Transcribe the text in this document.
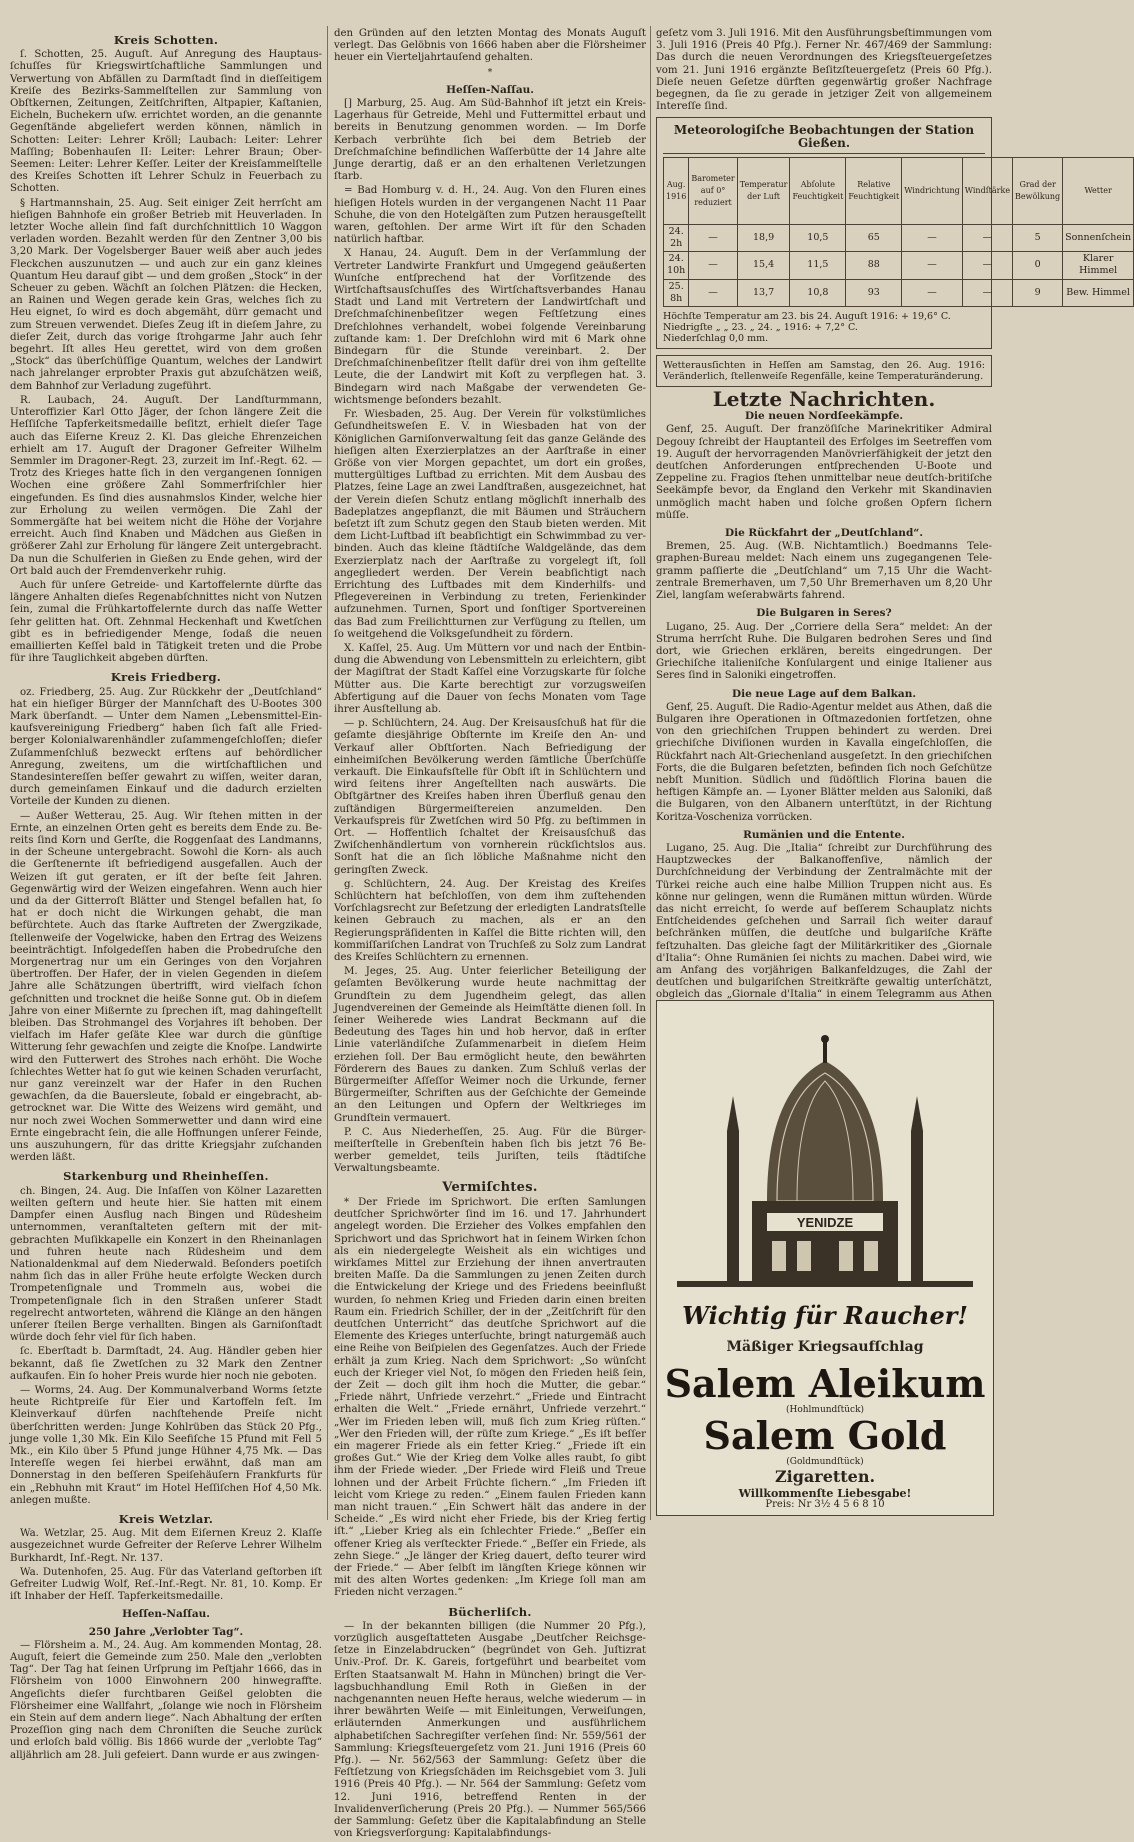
Kreis Schotten.

ſ. Schotten, 25. Auguſt. Auf Anregung des Hauptausſchuſſes für Kriegswirtſchaftliche Sammlungen und Verwertung von Abfällen zu Darmſtadt ſind in dieſſeitigem Kreiſe des Bezirks-Sammelſtellen zur Sammlung von Obſtkernen, Zeitungen, Zeitſchriften, Altpapier, Kaſtanien, Eicheln, Buchekern uſw. errichtet worden, an die genannte Gegenſtände abgeliefert werden können, nämlich in Schotten: Leiter: Lehrer Kröll; Laubach: Leiter: Lehrer Maſſing; Bobenhauſen II: Leiter: Lehrer Braun; Ober-Seemen: Leiter: Lehrer Keſſer. Leiter der Kreisſammelſtelle des Kreiſes Schotten iſt Lehrer Schulz in Feuerbach zu Schotten.

§ Hartmannshain, 25. Aug. Seit einiger Zeit herrſcht am hieſigen Bahnhofe ein großer Betrieb mit Heuverladen. In letzter Woche allein ſind faſt durchſchnittlich 10 Waggon verladen worden. Bezahlt werden für den Zentner 3,00 bis 3,20 Mark. Der Vogelsberger Bauer weiß aber auch jedes Fleckchen auszunutzen — und auch zur ein ganz kleines Quantum Heu darauf gibt — und dem großen „Stock“ in der Scheuer zu geben. Wächſt an ſolchen Plätzen: die Hecken, an Rainen und Wegen gerade kein Gras, welches ſich zu Heu eignet, ſo wird es doch abgemäht, dürr gemacht und zum Streuen verwendet. Dieſes Zeug iſt in dieſem Jahre, zu dieſer Zeit, durch das vorige ſtrohgarme Jahr auch ſehr begehrt. Iſt alles Heu gerettet, wird von dem großen „Stock“ das überſchüſſige Quantum, welches der Landwirt nach jahrelanger erprobter Praxis gut abzuſchätzen weiß, dem Bahnhof zur Verladung zugeführt.

R. Laubach, 24. Auguſt. Der Landſturmmann, Unteroffizier Karl Otto Jäger, der ſchon längere Zeit die Heſſiſche Tapferkeitsmedaille beſitzt, erhielt dieſer Tage auch das Eiſerne Kreuz 2. Kl. Das gleiche Ehrenzeichen erhielt am 17. Auguſt der Dragoner Gefreiter Wilhelm Semmler im Dragoner-Regt. 23, zurzeit im Inf.-Regt. 62. — Trotz des Krieges hatte ſich in den vergangenen ſonnigen Wochen eine größere Zahl Sommerfriſchler hier eingefunden. Es ſind dies ausnahmslos Kinder, welche hier zur Erholung zu weilen vermögen. Die Zahl der Sommergäſte hat bei weitem nicht die Höhe der Vorjahre erreicht. Auch ſind Knaben und Mädchen aus Gießen in größerer Zahl zur Erholung für längere Zeit untergebracht. Da nun die Schulferien in Gießen zu Ende gehen, wird der Ort bald auch der Fremdenverkehr ruhig.

Auch für unſere Getreide- und Kartoffelernte dürfte das längere Anhalten dieſes Regenabſchnittes nicht von Nutzen ſein, zumal die Frühkartoffelernte durch das naſſe Wetter ſehr gelitten hat. Oft. Zehnmal Heckenhaft und Kwetſchen gibt es in befriedigender Menge, ſodaß die neuen emaillierten Keſſel bald in Tätigkeit treten und die Probe für ihre Tauglichkeit abgeben dürften.

Kreis Friedberg.

oz. Friedberg, 25. Aug. Zur Rückkehr der „Deutſchland“ hat ein hieſiger Bürger der Mannſchaft des U-Bootes 300 Mark überſandt. — Unter dem Namen „Lebensmittel-Einkaufsvereinigung Friedberg“ haben ſich faſt alle Friedberger Kolonialwarenhändler zuſammengeſchloſſen; dieſer Zuſammenſchluß bezweckt erſtens auf behördlicher Anregung, zweitens, um die wirtſchaftlichen und Standesintereſſen beſſer gewahrt zu wiſſen, weiter daran, durch gemeinſamen Einkauf und die dadurch erzielten Vorteile der Kunden zu dienen.

— Außer Wetterau, 25. Aug. Wir ſtehen mitten in der Ernte, an einzelnen Orten geht es bereits dem Ende zu. Bereits ſind Korn und Gerſte, die Roggenſaat des Landmanns, in der Scheune untergebracht. Sowohl die Korn- als auch die Gerſtenernte iſt befriedigend ausgefallen. Auch der Weizen iſt gut geraten, er iſt der beſte ſeit Jahren. Gegenwärtig wird der Weizen eingefahren. Wenn auch hier und da der Gitterroſt Blätter und Stengel befallen hat, ſo hat er doch nicht die Wirkungen gehabt, die man befürchtete. Auch das ſtarke Auftreten der Zwergzikade, ſtellenweiſe der Vogelwicke, haben den Ertrag des Weizens beeinträchtigt. Infolgedeſſen haben die Probedruſche den Morgenertrag nur um ein Geringes von den Vorjahren übertroffen. Der Hafer, der in vielen Gegenden in dieſem Jahre alle Schätzungen übertrifft, wird vielfach ſchon geſchnitten und trocknet die heiße Sonne gut. Ob in dieſem Jahre von einer Mißernte zu ſprechen iſt, mag dahingeſtellt bleiben. Das Strohmangel des Vorjahres iſt behoben. Der vielfach im Hafer geſäte Klee war durch die günſtige Witterung ſehr gewachſen und zeigte die Knoſpe. Landwirte wird den Futterwert des Strohes nach erhöht. Die Woche ſchlechtes Wetter hat ſo gut wie keinen Schaden verurſacht, nur ganz vereinzelt war der Hafer in den Ruchen gewachſen, da die Bauersleute, ſobald er eingebracht, abgetrocknet war. Die Witte des Weizens wird gemäht, und nur noch zwei Wochen Sommerwetter und dann wird eine Ernte eingebracht ſein, die alle Hoffnungen unſerer Feinde, uns auszuhungern, für das dritte Kriegsjahr zuſchanden werden läßt.

Starkenburg und Rheinheſſen.

ch. Bingen, 24. Aug. Die Inſaſſen von Kölner Lazaretten weilten geſtern und heute hier. Sie hatten mit einem Dampfer einen Ausflug nach Bingen und Rüdesheim unternommen, veranſtalteten geſtern mit der mitgebrachten Muſikkapelle ein Konzert in den Rheinanlagen und fuhren heute nach Rüdesheim und dem Nationaldenkmal auf dem Niederwald. Beſonders poetiſch nahm ſich das in aller Frühe heute erfolgte Wecken durch Trompetenſignale und Trommeln aus, wobei die Trompetenſignale ſich in den Straßen unſerer Stadt regelrecht antworteten, während die Klänge an den hängen unſerer ſteilen Berge verhallten. Bingen als Garniſonſtadt würde doch ſehr viel für ſich haben.

ſc. Eberſtadt b. Darmſtadt, 24. Aug. Händler geben hier bekannt, daß ſie Zwetſchen zu 32 Mark den Zentner aufkaufen. Ein ſo hoher Preis wurde hier noch nie geboten.

— Worms, 24. Aug. Der Kommunalverband Worms ſetzte heute Richtpreiſe für Eier und Kartoffeln feſt. Im Kleinverkauf dürfen nachſtehende Preiſe nicht überſchritten werden: Junge Kohlrüben das Stück 20 Pfg., junge volle 1,30 Mk. Ein Kilo Seefiſche 15 Pfund mit Fell 5 Mk., ein Kilo über 5 Pfund junge Hühner 4,75 Mk. — Das Intereſſe wegen ſei hierbei erwähnt, daß man am Donnerstag in den beſſeren Speiſehäuſern Frankfurts für ein „Rebhuhn mit Kraut“ im Hotel Heſſiſchen Hof 4,50 Mk. anlegen mußte.

Kreis Wetzlar.

Wa. Wetzlar, 25. Aug. Mit dem Eiſernen Kreuz 2. Klaſſe ausgezeichnet wurde Gefreiter der Reſerve Lehrer Wilhelm Burkhardt, Inf.-Regt. Nr. 137.

Wa. Dutenhofen, 25. Aug. Für das Vaterland geſtorben iſt Gefreiter Ludwig Wolf, Reſ.-Inf.-Regt. Nr. 81, 10. Komp. Er iſt Inhaber der Heſſ. Tapferkeitsmedaille.

Heſſen-Naſſau.
250 Jahre „Verlobter Tag“.

— Flörsheim a. M., 24. Aug. Am kommenden Montag, 28. Auguſt, feiert die Gemeinde zum 250. Male den „verlobten Tag“. Der Tag hat ſeinen Urſprung im Peſtjahr 1666, das in Flörsheim von 1000 Einwohnern 200 hinwegraffte. Angeſichts dieſer furchtbaren Geißel gelobten die Flörsheimer eine Wallfahrt, „ſolange wie noch in Flörsheim ein Stein auf dem andern liege“. Nach Abhaltung der erſten Prozeſſion ging nach dem Chroniſten die Seuche zurück und erloſch bald völlig. Bis 1866 wurde der „verlobte Tag“ alljährlich am 28. Juli gefeiert. Dann wurde er aus zwingen-

den Gründen auf den letzten Montag des Monats Auguſt verlegt. Das Gelöbnis von 1666 haben aber die Flörsheimer heuer ein Vierteljahrtauſend gehalten.

*
Heſſen-Naſſau.

[] Marburg, 25. Aug. Am Süd-Bahnhof iſt jetzt ein Kreis-Lagerhaus für Getreide, Mehl und Futtermittel erbaut und bereits in Benutzung genommen worden. — Im Dorfe Kerbach verbrühte ſich bei dem Betrieb der Dreſchmaſchine befindlichen Waſſerbütte der 14 Jahre alte Junge derartig, daß er an den erhaltenen Verletzungen ſtarb.

= Bad Homburg v. d. H., 24. Aug. Von den Fluren eines hieſigen Hotels wurden in der vergangenen Nacht 11 Paar Schuhe, die von den Hotelgäſten zum Putzen herausgeſtellt waren, geſtohlen. Der arme Wirt iſt für den Schaden natürlich haftbar.

X Hanau, 24. Auguſt. Dem in der Verſammlung der Vertreter Landwirte Frankfurt und Umgegend geäußerten Wunſche entſprechend hat der Vorſitzende des Wirtſchaftsausſchuſſes des Wirtſchaftsverbandes Hanau Stadt und Land mit Vertretern der Landwirtſchaft und Dreſchmaſchinenbeſitzer wegen Feſtſetzung eines Dreſchlohnes verhandelt, wobei folgende Vereinbarung zuſtande kam: 1. Der Dreſchlohn wird mit 6 Mark ohne Bindegarn für die Stunde vereinbart. 2. Der Dreſchmaſchinenbeſitzer ſtellt dafür drei von ihm geſtellte Leute, die der Landwirt mit Koſt zu verpflegen hat. 3. Bindegarn wird nach Maßgabe der verwendeten Gewichtsmenge beſonders bezahlt.

Fr. Wiesbaden, 25. Aug. Der Verein für volkstümliches Geſundheitsweſen E. V. in Wiesbaden hat von der Königlichen Garniſonverwaltung ſeit das ganze Gelände des hieſigen alten Exerzierplatzes an der Aarſtraße in einer Größe von vier Morgen gepachtet, um dort ein großes, muttergültiges Luftbad zu errichten. Mit dem Ausbau des Platzes, ſeine Lage an zwei Landſtraßen, ausgezeichnet, hat der Verein dieſen Schutz entlang möglichſt innerhalb des Badeplatzes angepflanzt, die mit Bäumen und Sträuchern beſetzt iſt zum Schutz gegen den Staub bieten werden. Mit dem Licht-Luftbad iſt beabſichtigt ein Schwimmbad zu verbinden. Auch das kleine ſtädtiſche Waldgelände, das dem Exerzierplatz nach der Aarſtraße zu vorgelegt iſt, ſoll angegliedert werden. Der Verein beabſichtigt nach Errichtung des Luftbades mit dem Kinderhilfs- und Pflegevereinen in Verbindung zu treten, Ferienkinder aufzunehmen. Turnen, Sport und ſonſtiger Sportvereinen das Bad zum Freilichtturnen zur Verfügung zu ſtellen, um ſo weitgehend die Volksgeſundheit zu fördern.

X. Kaſſel, 25. Aug. Um Müttern vor und nach der Entbindung die Abwendung von Lebensmitteln zu erleichtern, gibt der Magiſtrat der Stadt Kaſſel eine Vorzugskarte für ſolche Mütter aus. Die Karte berechtigt zur vorzugsweiſen Abfertigung auf die Dauer von ſechs Monaten vom Tage ihrer Ausſtellung ab.

— p. Schlüchtern, 24. Aug. Der Kreisausſchuß hat für die geſamte diesjährige Obſternte im Kreiſe den An- und Verkauf aller Obſtſorten. Nach Befriedigung der einheimiſchen Bevölkerung werden ſämtliche Überſchüſſe verkauft. Die Einkaufsſtelle für Obſt iſt in Schlüchtern und wird ſeitens ihrer Angeſtellten nach auswärts. Die Obſtgärtner des Kreiſes haben ihren Überfluß genau den zuſtändigen Bürgermeiſtereien anzumelden. Den Verkaufspreis für Zwetſchen wird 50 Pfg. zu beſtimmen in Ort. — Hoffentlich ſchaltet der Kreisausſchuß das Zwiſchenhändlertum von vornherein rückſichtslos aus. Sonſt hat die an ſich löbliche Maßnahme nicht den geringſten Zweck.

g. Schlüchtern, 24. Aug. Der Kreistag des Kreiſes Schlüchtern hat beſchloſſen, von dem ihm zuſtehenden Vorſchlagsrecht zur Beſetzung der erledigten Landratsſtelle keinen Gebrauch zu machen, als er an den Regierungspräſidenten in Kaſſel die Bitte richten will, den kommiſſariſchen Landrat von Truchſeß zu Solz zum Landrat des Kreiſes Schlüchtern zu ernennen.

M. Jeges, 25. Aug. Unter feierlicher Beteiligung der geſamten Bevölkerung wurde heute nachmittag der Grundſtein zu dem Jugendheim gelegt, das allen Jugendvereinen der Gemeinde als Heimſtätte dienen ſoll. In ſeiner Weiherede wies Landrat Beckmann auf die Bedeutung des Tages hin und hob hervor, daß in erſter Linie vaterländiſche Zuſammenarbeit in dieſem Heim erziehen ſoll. Der Bau ermöglicht heute, den bewährten Förderern des Baues zu danken. Zum Schluß verlas der Bürgermeiſter Aſſeſſor Weimer noch die Urkunde, ferner Bürgermeiſter, Schriften aus der Geſchichte der Gemeinde an den Leitungen und Opfern der Weltkrieges im Grundſtein vermauert.

P. C. Aus Niederheſſen, 25. Aug. Für die Bürgermeiſterſtelle in Grebenſtein haben ſich bis jetzt 76 Bewerber gemeldet, teils Juriſten, teils ſtädtiſche Verwaltungsbeamte.

Vermiſchtes.

* Der Friede im Sprichwort. Die erſten Samlungen deutſcher Sprichwörter ſind im 16. und 17. Jahrhundert angelegt worden. Die Erzieher des Volkes empfahlen den Sprichwort und das Sprichwort hat in ſeinem Wirken ſchon als ein niedergelegte Weisheit als ein wichtiges und wirkſames Mittel zur Erziehung der ihnen anvertrauten breiten Maſſe. Da die Sammlungen zu jenen Zeiten durch die Entwickelung der Kriege und des Friedens beeinflußt wurden, ſo nehmen Krieg und Frieden darin einen breiten Raum ein. Friedrich Schiller, der in der „Zeitſchrift für den deutſchen Unterricht“ das deutſche Sprichwort auf die Elemente des Krieges unterſuchte, bringt naturgemäß auch eine Reihe von Beiſpielen des Gegenſatzes. Auch der Friede erhält ja zum Krieg. Nach dem Sprichwort: „So wünſcht euch der Krieger viel Not, ſo mögen den Frieden heiß ſein, der Zeit — doch gilt ihm hoch die Mutter, die gebar.“ „Friede nährt, Unfriede verzehrt.“ „Friede und Eintracht erhalten die Welt.“ „Friede ernährt, Unfriede verzehrt.“ „Wer im Frieden leben will, muß ſich zum Krieg rüſten.“ „Wer den Frieden will, der rüſte zum Kriege.“ „Es iſt beſſer ein magerer Friede als ein fetter Krieg.“ „Friede iſt ein großes Gut.“ Wie der Krieg dem Volke alles raubt, ſo gibt ihm der Friede wieder. „Der Friede wird Fleiß und Treue lohnen und der Arbeit Früchte ſichern.“ „Im Frieden iſt leicht vom Kriege zu reden.“ „Einem faulen Frieden kann man nicht trauen.“ „Ein Schwert hält das andere in der Scheide.“ „Es wird nicht eher Friede, bis der Krieg fertig iſt.“ „Lieber Krieg als ein ſchlechter Friede.“ „Beſſer ein offener Krieg als verſteckter Friede.“ „Beſſer ein Friede, als zehn Siege.“ „Je länger der Krieg dauert, deſto teurer wird der Friede.“ — Aber ſelbſt im längſten Kriege können wir mit des alten Wortes gedenken: „Im Kriege ſoll man am Frieden nicht verzagen.“

Bücherliſch.

— In der bekannten billigen (die Nummer 20 Pfg.), vorzüglich ausgeſtatteten Ausgabe „Deutſcher Reichsgeſetze in Einzelabdrucken“ (begründet von Geh. Juſtizrat Univ.-Prof. Dr. K. Gareis, fortgeführt und bearbeitet vom Erſten Staatsanwalt M. Hahn in München) bringt die Verlagsbuchhandlung Emil Roth in Gießen in der nachgenannten neuen Hefte heraus, welche wiederum — in ihrer bewährten Weiſe — mit Einleitungen, Verweiſungen, erläuternden Anmerkungen und ausführlichem alphabetiſchen Sachregiſter verſehen ſind: Nr. 559/561 der Sammlung: Kriegsſteuergeſetz vom 21. Juni 1916 (Preis 60 Pfg.). — Nr. 562/563 der Sammlung: Geſetz über die Feſtſetzung von Kriegsſchäden im Reichsgebiet vom 3. Juli 1916 (Preis 40 Pfg.). — Nr. 564 der Sammlung: Geſetz vom 12. Juni 1916, betreffend Renten in der Invalidenverſicherung (Preis 20 Pfg.). — Nummer 565/566 der Sammlung: Geſetz über die Kapitalabfindung an Stelle von Kriegsverſorgung: Kapitalabfindungs-

geſetz vom 3. Juli 1916. Mit den Ausführungsbeſtimmungen vom 3. Juli 1916 (Preis 40 Pfg.). Ferner Nr. 467/469 der Sammlung: Das durch die neuen Verordnungen des Kriegsſteuergeſetzes vom 21. Juni 1916 ergänzte Beſitzſteuergeſetz (Preis 60 Pfg.). Dieſe neuen Geſetze dürften gegenwärtig großer Nachfrage begegnen, da ſie zu gerade in jetziger Zeit von allgemeinem Intereſſe ſind.

Meteorologiſche Beobachtungen der Station Gießen.
Aug.
1916	Barometer auf 0° reduziert	Temperatur der Luft	Abſolute Feuchtigkeit	Relative Feuchtigkeit	Windrichtung	Windſtärke	Grad der Bewölkung	Wetter
24. 2h	—	18,9	10,5	65	—	—	5	Sonnenſchein
24. 10h	—	15,4	11,5	88	—	—	0	Klarer Himmel
25. 8h	—	13,7	10,8	93	—	—	9	Bew. Himmel
Höchſte Temperatur am 23. bis 24. Auguſt 1916: + 19,6° C.
Niedrigſte „ „ 23. „ 24. „ 1916: + 7,2° C.
Niederſchlag 0,0 mm.
Wetterausſichten in Heſſen am Samstag, den 26. Aug. 1916: Veränderlich, ſtellenweiſe Regenfälle, keine Temperaturänderung.
Letzte Nachrichten.
Die neuen Nordſeekämpfe.

Genf, 25. Auguſt. Der franzöſiſche Marinekritiker Admiral Degouy ſchreibt der Hauptanteil des Erfolges im Seetreffen vom 19. Auguſt der hervorragenden Manövrierfähigkeit der jetzt den deutſchen Anforderungen entſprechenden U-Boote und Zeppeline zu. Fragios ſtehen unmittelbar neue deutſch-britiſche Seekämpfe bevor, da England den Verkehr mit Skandinavien unmöglich macht haben und ſolche großen Opfern ſichern müſſe.

Die Rückfahrt der „Deutſchland“.

Bremen, 25. Aug. (W.B. Nichtamtlich.) Boedmanns Telegraphen-Bureau meldet: Nach einem uns zugegangenen Telegramm paſſierte die „Deutſchland“ um 7,15 Uhr die Wachtzentrale Bremerhaven, um 7,50 Uhr Bremerhaven um 8,20 Uhr Ziel, langſam weſerabwärts fahrend.

Die Bulgaren in Seres?

Lugano, 25. Aug. Der „Corriere della Sera“ meldet: An der Struma herrſcht Ruhe. Die Bulgaren bedrohen Seres und ſind dort, wie Griechen erklären, bereits eingedrungen. Der Griechiſche italieniſche Konſulargent und einige Italiener aus Seres ſind in Saloniki eingetroffen.

Die neue Lage auf dem Balkan.

Genf, 25. Auguſt. Die Radio-Agentur meldet aus Athen, daß die Bulgaren ihre Operationen in Oſtmazedonien fortſetzen, ohne von den griechiſchen Truppen behindert zu werden. Drei griechiſche Diviſionen wurden in Kavalla eingeſchloſſen, die Rückfahrt nach Alt-Griechenland ausgeſetzt. In den griechiſchen Forts, die die Bulgaren beſetzten, befinden ſich noch Geſchütze nebſt Munition. Südlich und ſüdöſtlich Florina bauen die heftigen Kämpfe an. — Lyoner Blätter melden aus Saloniki, daß die Bulgaren, von den Albanern unterſtützt, in der Richtung Koritza-Voscheniza vorrücken.

Rumänien und die Entente.

Lugano, 25. Aug. Die „Italia“ ſchreibt zur Durchführung des Hauptzweckes der Balkanoffenſive, nämlich der Durchſchneidung der Verbindung der Zentralmächte mit der Türkei reiche auch eine halbe Million Truppen nicht aus. Es könne nur gelingen, wenn die Rumänen mittun würden. Würde das nicht erreicht, ſo werde auf beſſerem Schauplatz nichts Entſcheidendes geſchehen und Sarrail ſich weiter darauf beſchränken müſſen, die deutſche und bulgariſche Kräfte feſtzuhalten. Das gleiche ſagt der Militärkritiker des „Giornale d'Italia“: Ohne Rumänien ſei nichts zu machen. Dabei wird, wie am Anfang des vorjährigen Balkanfeldzuges, die Zahl der deutſchen und bulgariſchen Streitkräfte gewaltig unterſchätzt, obgleich das „Giornale d'Italia“ in einem Telegramm aus Athen

YENIDZE
Wichtig für Raucher!
Mäßiger Kriegsaufſchlag
Salem Aleikum
(Hohlmundſtück)
Salem Gold
(Goldmundſtück)
Zigaretten.
Willkommenſte Liebesgabe!
Preis: Nr 3½ 4 5 6 8 10
